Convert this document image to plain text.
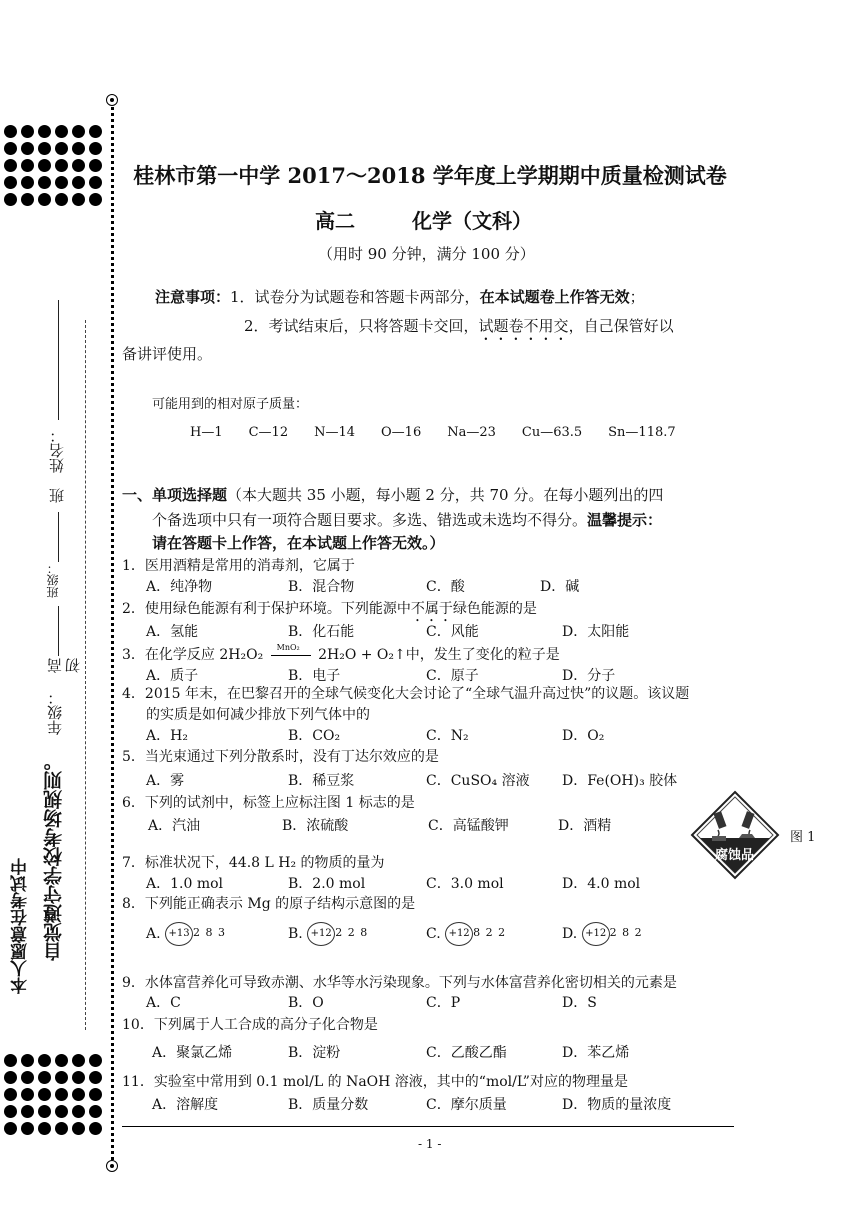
姓名：
班
班级：
高 初
年级：
本人愿意在考试中 自觉遵守学校考场规则。
桂林市第一中学 2017～2018 学年度上学期期中质量检测试卷
高二	化学（文科）
（用时 90 分钟，满分 100 分）
注意事项：1．试卷分为试题卷和答题卡两部分，在本试题卷上作答无效；
2．考试结束后，只将答题卡交回，试题卷不用交，自己保管好以
备讲评使用。
可能用到的相对原子质量：
H—1　　C—12　　N—14　　O—16　　Na—23　　Cu—63.5　　Sn—118.7
一、单项选择题（本大题共 35 小题，每小题 2 分，共 70 分。在每小题列出的四
个备选项中只有一项符合题目要求。多选、错选或未选均不得分。温馨提示：
请在答题卡上作答，在本试题上作答无效。）
1．医用酒精是常用的消毒剂，它属于
A．纯净物	B．混合物	C．酸	D．碱
2．使用绿色能源有利于保护环境。下列能源中不属于绿色能源的是
A．氢能	B．化石能	C．风能	D．太阳能
3．在化学反应 2H₂O₂ MnO₂ 2H₂O + O₂↑中，发生了变化的粒子是
A．质子	B．电子	C．原子	D．分子
4．2015 年末，在巴黎召开的全球气候变化大会讨论了“全球气温升高过快”的议题。该议题
的实质是如何减少排放下列气体中的
A．H₂	B．CO₂	C．N₂	D．O₂
5．当光束通过下列分散系时，没有丁达尔效应的是
A．雾	B．稀豆浆	C．CuSO₄ 溶液 D．Fe(OH)₃ 胶体
6．下列的试剂中，标签上应标注图 1 标志的是
A．汽油	B．浓硫酸	C．高锰酸钾	D．酒精
腐蚀品
图 1
7．标准状况下，44.8 L H₂ 的物质的量为
A．1.0 mol	B．2.0 mol	C．3.0 mol	D．4.0 mol
8．下列能正确表示 Mg 的原子结构示意图的是
A. +13 2 8 3	B. +12 2 2 8	C. +12 8 2 2	D. +12 2 8 2
9．水体富营养化可导致赤潮、水华等水污染现象。下列与水体富营养化密切相关的元素是
A．C	B．O	C．P	D．S
10．下列属于人工合成的高分子化合物是
A．聚氯乙烯	B．淀粉	C．乙酸乙酯	D．苯乙烯
11．实验室中常用到 0.1 mol/L 的 NaOH 溶液，其中的“mol/L”对应的物理量是
A．溶解度	B．质量分数	C．摩尔质量	D．物质的量浓度
- 1 -
